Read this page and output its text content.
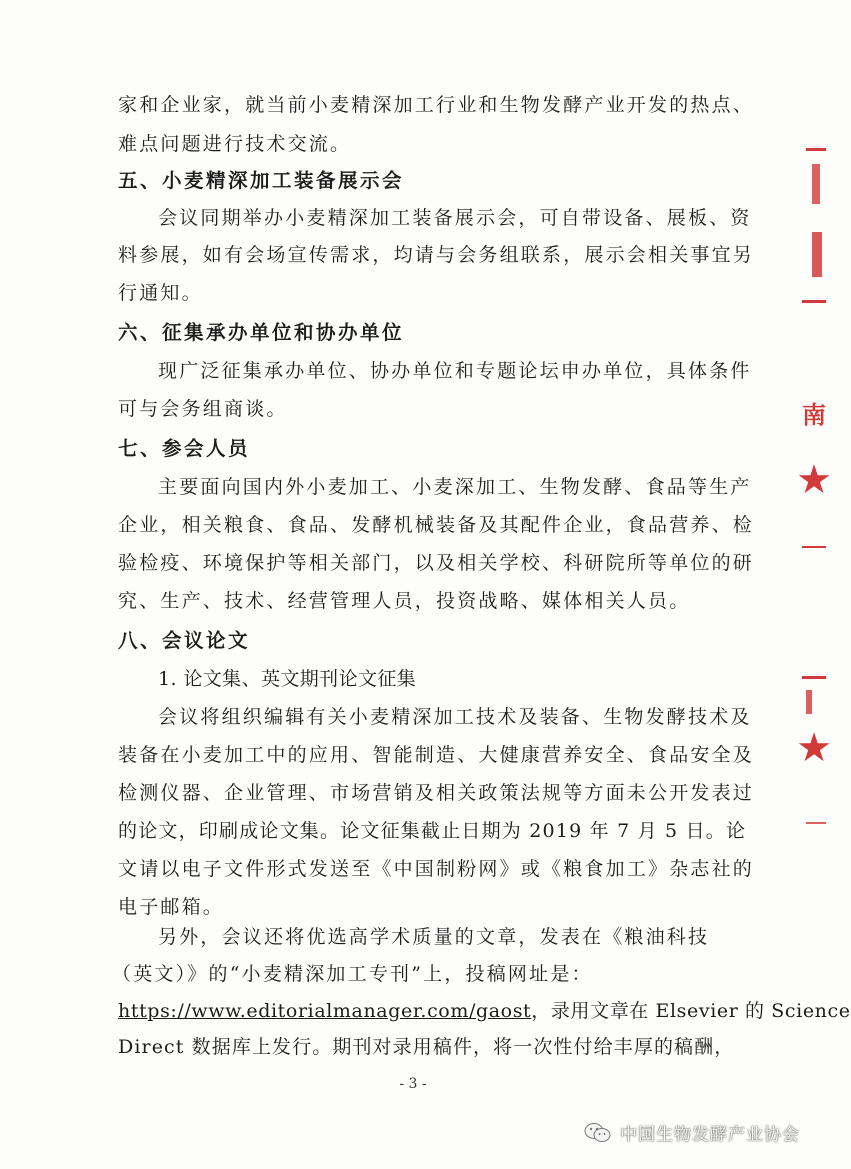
家和企业家，就当前小麦精深加工行业和生物发酵产业开发的热点、
难点问题进行技术交流。
五、小麦精深加工装备展示会
会议同期举办小麦精深加工装备展示会，可自带设备、展板、资
料参展，如有会场宣传需求，均请与会务组联系，展示会相关事宜另
行通知。
六、征集承办单位和协办单位
现广泛征集承办单位、协办单位和专题论坛申办单位，具体条件
可与会务组商谈。
七、参会人员
主要面向国内外小麦加工、小麦深加工、生物发酵、食品等生产
企业，相关粮食、食品、发酵机械装备及其配件企业，食品营养、检
验检疫、环境保护等相关部门，以及相关学校、科研院所等单位的研
究、生产、技术、经营管理人员，投资战略、媒体相关人员。
八、会议论文
1. 论文集、英文期刊论文征集
会议将组织编辑有关小麦精深加工技术及装备、生物发酵技术及
装备在小麦加工中的应用、智能制造、大健康营养安全、食品安全及
检测仪器、企业管理、市场营销及相关政策法规等方面未公开发表过
的论文，印刷成论文集。论文征集截止日期为 2019 年 7 月 5 日。论
文请以电子文件形式发送至《中国制粉网》或《粮食加工》杂志社的
电子邮箱。
另外，会议还将优选高学术质量的文章，发表在《粮油科技
（英文）》的“小麦精深加工专刊”上，投稿网址是：
https://www.editorialmanager.com/gaost，录用文章在 Elsevier 的 Science
Direct 数据库上发行。期刊对录用稿件，将一次性付给丰厚的稿酬，
- 3 -
南
★
★
中国生物发酵产业协会
